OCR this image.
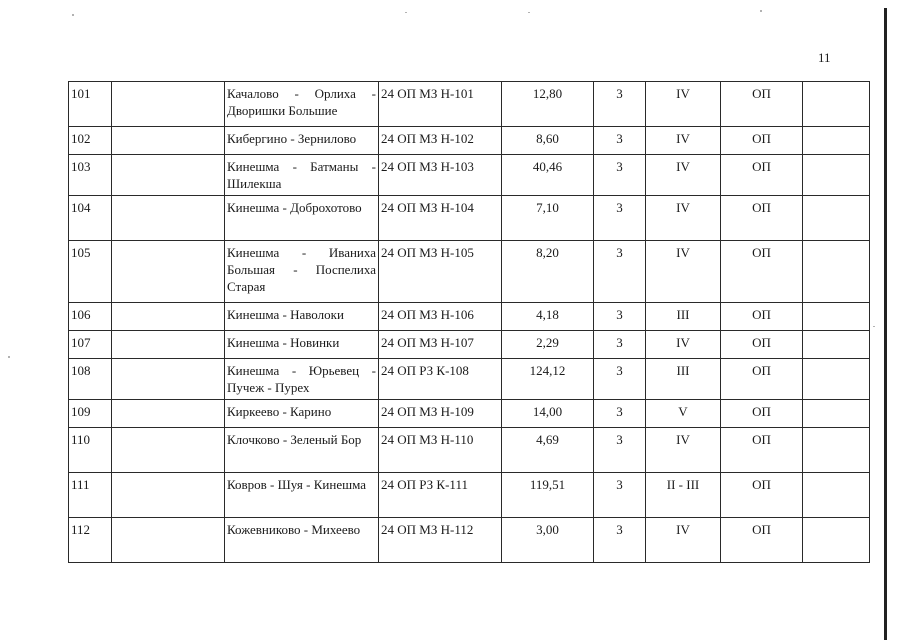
11
101		Качалово - Орлиха - Дворишки Большие	24 ОП МЗ Н-101	12,80	3	IV	ОП	
102		Кибергино - Зернилово	24 ОП МЗ Н-102	8,60	3	IV	ОП	
103		Кинешма - Батманы - Шилекша	24 ОП МЗ Н-103	40,46	3	IV	ОП	
104		Кинешма - Доброхотово	24 ОП МЗ Н-104	7,10	3	IV	ОП	
105		Кинешма - Иваниха Большая - Поспелиха Старая	24 ОП МЗ Н-105	8,20	3	IV	ОП	
106		Кинешма - Наволоки	24 ОП МЗ Н-106	4,18	3	III	ОП	
107		Кинешма - Новинки	24 ОП МЗ Н-107	2,29	3	IV	ОП	
108		Кинешма - Юрьевец - Пучеж - Пурех	24 ОП РЗ К-108	124,12	3	III	ОП	
109		Киркеево - Карино	24 ОП МЗ Н-109	14,00	3	V	ОП	
110		Клочково - Зеленый Бор	24 ОП МЗ Н-110	4,69	3	IV	ОП	
111		Ковров - Шуя - Кинешма	24 ОП РЗ К-111	119,51	3	II - III	ОП	
112		Кожевниково - Михеево	24 ОП МЗ Н-112	3,00	3	IV	ОП	
